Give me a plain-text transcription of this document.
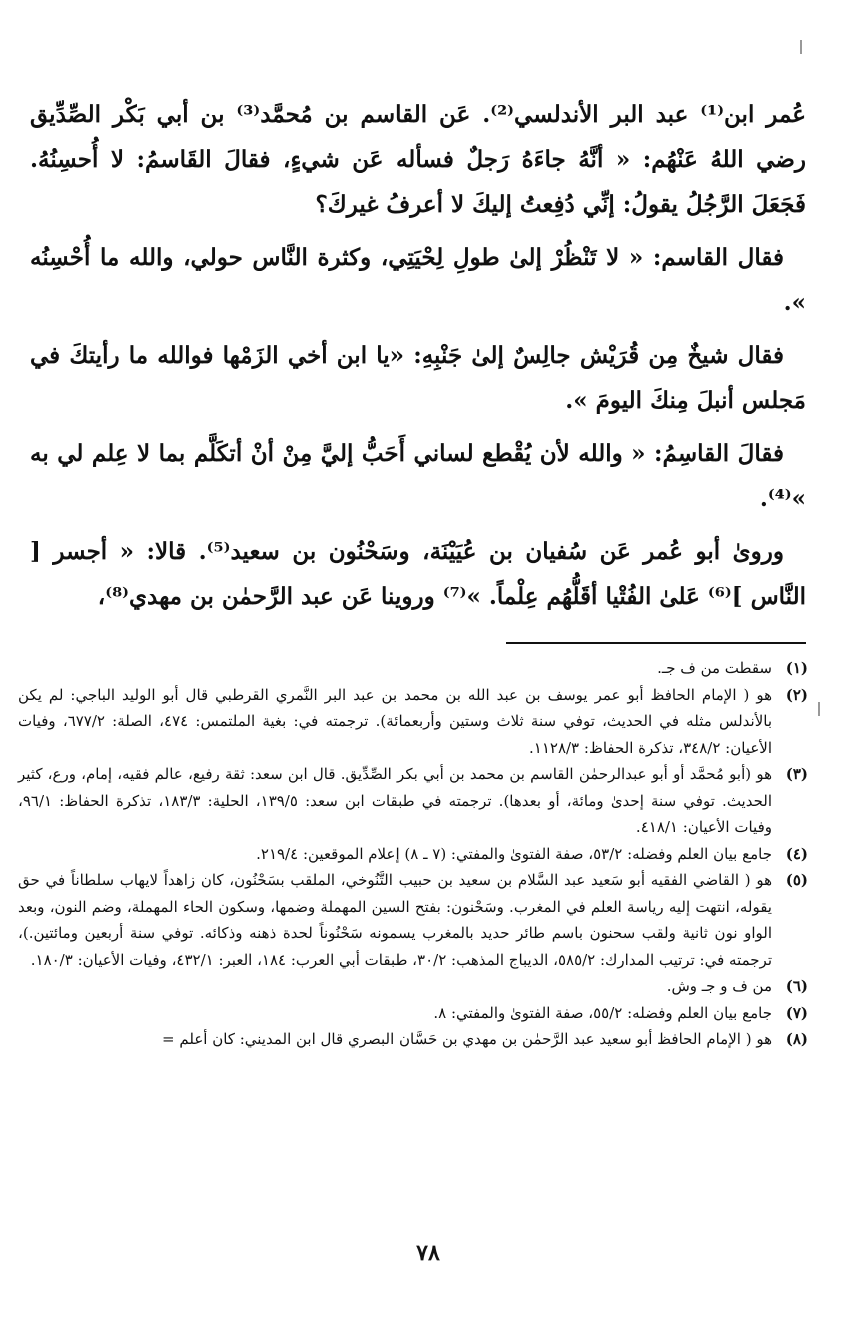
عُمر ابن⁽¹⁾ عبد البر الأندلسي⁽²⁾. عَن القاسم بن مُحمَّد⁽³⁾ بن أبي بَكْر الصِّدِّيق رضي اللهُ عَنْهُم: « أنَّهُ جاءَهُ رَجلٌ فسأله عَن شيءٍ، فقالَ القَاسمُ: لا أُحسِنُهُ. فَجَعَلَ الرَّجُلُ يقولُ: إنِّي دُفِعتُ إليكَ لا أعرفُ غيركَ؟

فقال القاسم: « لا تَنْظُرْ إلىٰ طولِ لِحْيَتِي، وكثرة النَّاس حولي، والله ما أُحْسِنُه ».

فقال شيخٌ مِن قُرَيْش جالِسٌ إلىٰ جَنْبِهِ: «يا ابن أخي الزَمْها فوالله ما رأيتكَ في مَجلس أنبلَ مِنكَ اليومَ ».

فقالَ القاسِمُ: « والله لأن يُقْطع لساني أَحَبُّ إليَّ مِنْ أنْ أتكَلَّم بما لا عِلم لي به »⁽⁴⁾.

وروىٰ أبو عُمر عَن سُفيان بن عُيَيْنَة، وسَحْنُون بن سعيد⁽⁵⁾. قالا: « أجسر [ النَّاس ]⁽⁶⁾ عَلىٰ الفُتْيا أقَلُّهُم عِلْماً. »⁽⁷⁾ وروينا عَن عبد الرَّحمٰن بن مهدي⁽⁸⁾،

(١)
سقطت من ف جـ.
(٢)
هو ( الإمام الحافظ أبو عمر يوسف بن عبد الله بن محمد بن عبد البر النَّمري القرطبي قال أبو الوليد الباجي: لم يكن بالأندلس مثله في الحديث، توفي سنة ثلاث وستين وأربعمائة). ترجمته في: بغية الملتمس: ٤٧٤، الصلة: ٦٧٧/٢، وفيات الأعيان: ٣٤٨/٢، تذكرة الحفاظ: ١١٢٨/٣.
(٣)
هو (أبو مُحمَّد أو أبو عبدالرحمٰن القاسم بن محمد بن أبي بكر الصِّدِّيق. قال ابن سعد: ثقة رفيع، عالم فقيه، إمام، ورع، كثير الحديث. توفي سنة إحدىٰ ومائة، أو بعدها). ترجمته في طبقات ابن سعد: ١٣٩/٥، الحلية: ١٨٣/٣، تذكرة الحفاظ: ٩٦/١، وفيات الأعيان: ٤١٨/١.
(٤)
جامع بيان العلم وفضله: ٥٣/٢، صفة الفتوىٰ والمفتي: (٧ ـ ٨) إعلام الموقعين: ٢١٩/٤.
(٥)
هو ( القاضي الفقيه أبو سَعيد عبد السَّلام بن سعيد بن حبيب التَّنُوخي، الملقب بسَحْنُون، كان زاهداً لايهاب سلطاناً في حق يقوله، انتهت إليه رياسة العلم في المغرب. وسَحْنون: بفتح السين المهملة وضمها، وسكون الحاء المهملة، وضم النون، وبعد الواو نون ثانية ولقب سحنون باسم طائر حديد بالمغرب يسمونه سَحْنُوناً لحدة ذهنه وذكائه. توفي سنة أربعين ومائتين.)، ترجمته في: ترتيب المدارك: ٥٨٥/٢، الديباج المذهب: ٣٠/٢، طبقات أبي العرب: ١٨٤، العبر: ٤٣٢/١، وفيات الأعيان: ١٨٠/٣.
(٦)
من ف و جـ وش.
(٧)
جامع بيان العلم وفضله: ٥٥/٢، صفة الفتوىٰ والمفتي: ٨.
(٨)
هو ( الإمام الحافظ أبو سعيد عبد الرَّحمٰن بن مهدي بن حَسَّان البصري قال ابن المديني: كان أعلم =
٧٨
